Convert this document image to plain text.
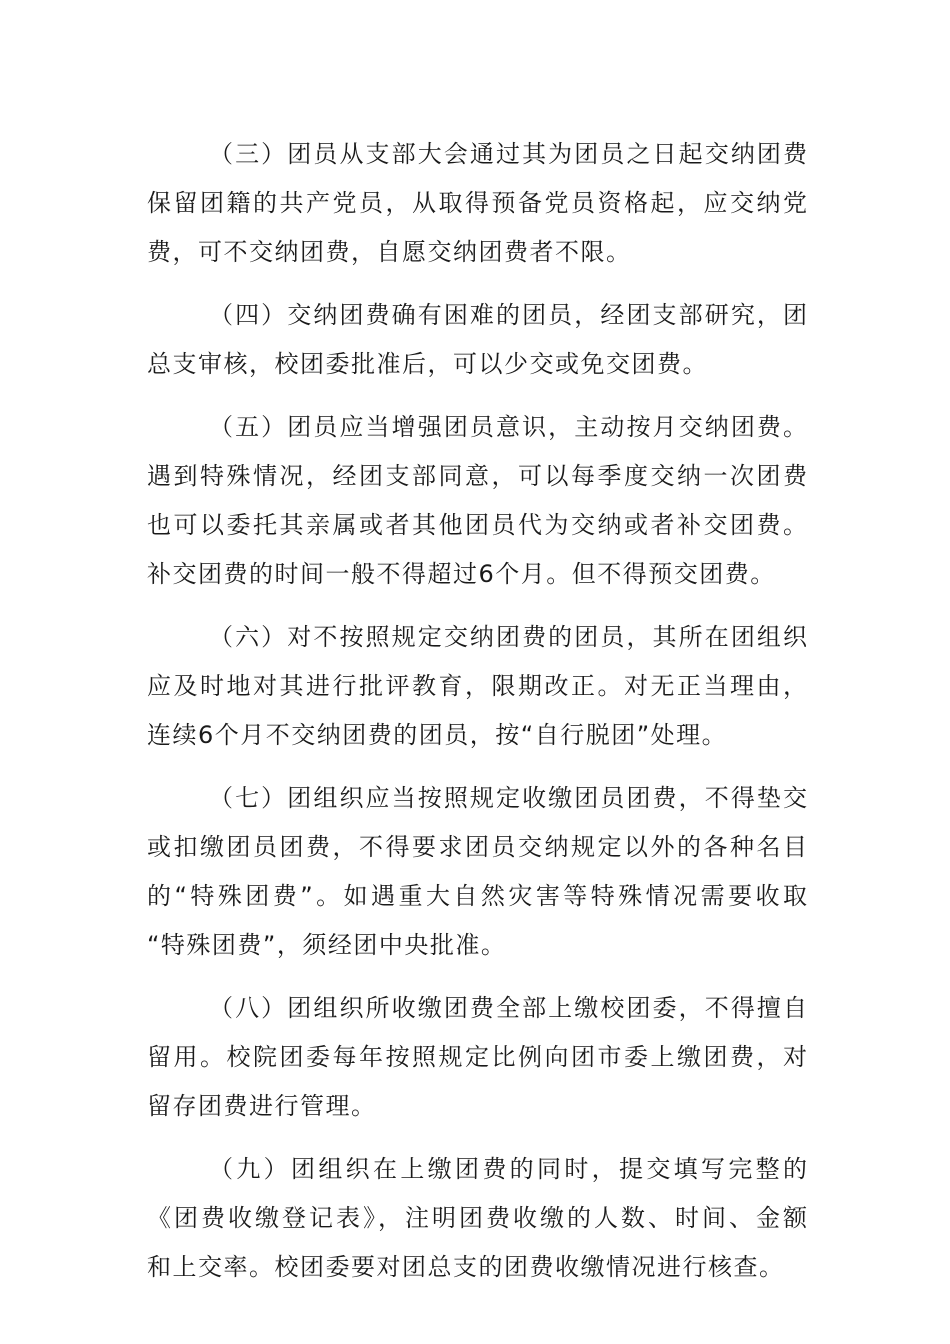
（三）团员从支部大会通过其为团员之日起交纳团费
保留团籍的共产党员，从取得预备党员资格起，应交纳党
费，可不交纳团费，自愿交纳团费者不限。
（四）交纳团费确有困难的团员，经团支部研究，团
总支审核，校团委批准后，可以少交或免交团费。
（五）团员应当增强团员意识，主动按月交纳团费。
遇到特殊情况，经团支部同意，可以每季度交纳一次团费
也可以委托其亲属或者其他团员代为交纳或者补交团费。
补交团费的时间一般不得超过6个月。但不得预交团费。
（六）对不按照规定交纳团费的团员，其所在团组织
应及时地对其进行批评教育，限期改正。对无正当理由，
连续6个月不交纳团费的团员，按“自行脱团”处理。
（七）团组织应当按照规定收缴团员团费，不得垫交
或扣缴团员团费，不得要求团员交纳规定以外的各种名目
的“特殊团费”。如遇重大自然灾害等特殊情况需要收取
“特殊团费”，须经团中央批准。
（八）团组织所收缴团费全部上缴校团委，不得擅自
留用。校院团委每年按照规定比例向团市委上缴团费，对
留存团费进行管理。
（九）团组织在上缴团费的同时，提交填写完整的
《团费收缴登记表》，注明团费收缴的人数、时间、金额
和上交率。校团委要对团总支的团费收缴情况进行核查。
